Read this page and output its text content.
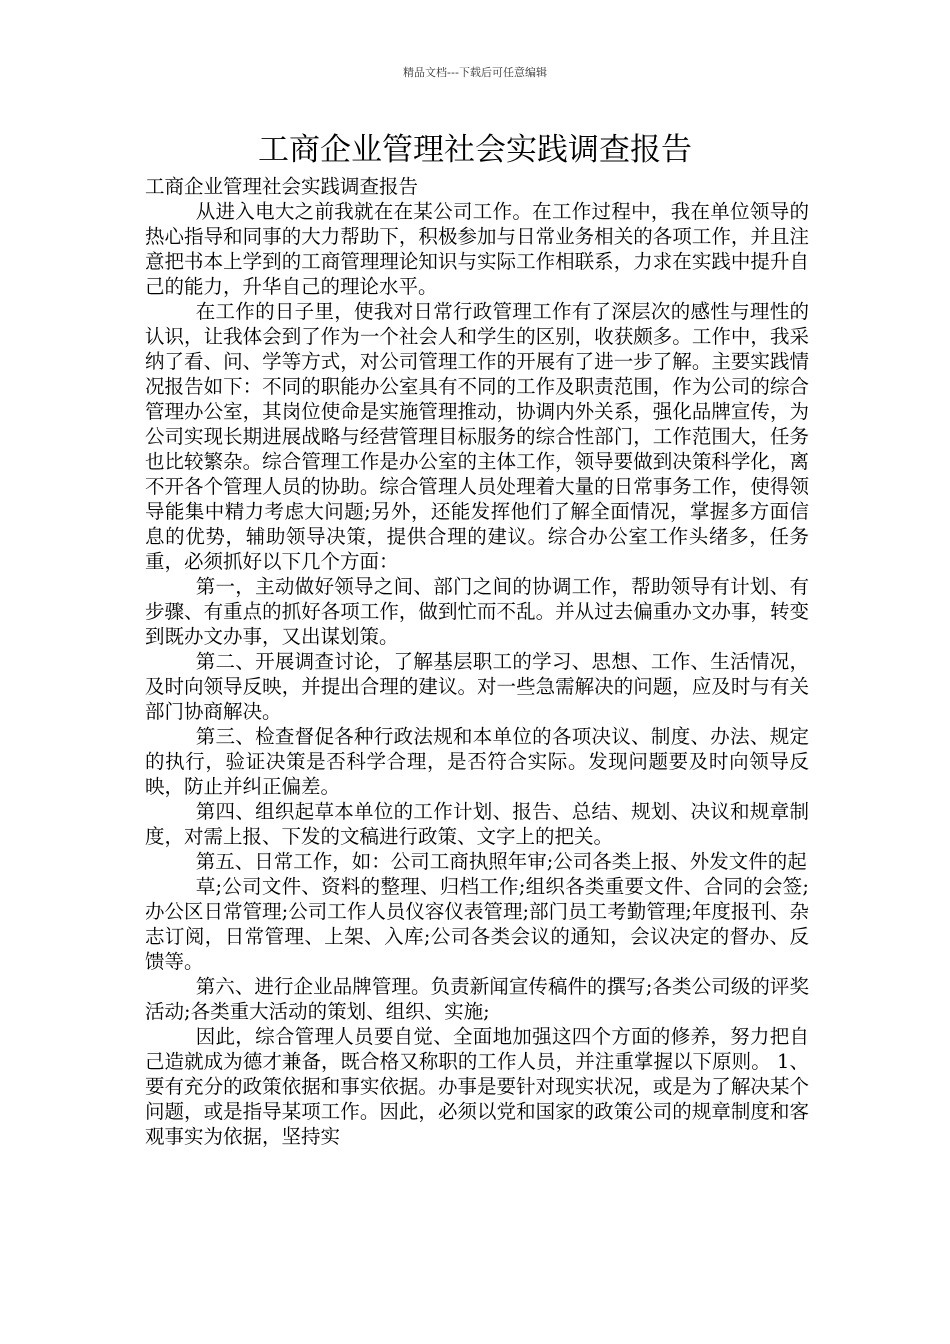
精品文档---下载后可任意编辑
工商企业管理社会实践调查报告

工商企业管理社会实践调查报告

从进入电大之前我就在在某公司工作。在工作过程中，我在单位领导的热心指导和同事的大力帮助下，积极参加与日常业务相关的各项工作，并且注意把书本上学到的工商管理理论知识与实际工作相联系，力求在实践中提升自己的能力，升华自己的理论水平。

在工作的日子里，使我对日常行政管理工作有了深层次的感性与理性的认识，让我体会到了作为一个社会人和学生的区别，收获颇多。工作中，我采纳了看、问、学等方式，对公司管理工作的开展有了进一步了解。主要实践情况报告如下：不同的职能办公室具有不同的工作及职责范围，作为公司的综合管理办公室，其岗位使命是实施管理推动，协调内外关系，强化品牌宣传，为公司实现长期进展战略与经营管理目标服务的综合性部门，工作范围大，任务也比较繁杂。综合管理工作是办公室的主体工作，领导要做到决策科学化，离不开各个管理人员的协助。综合管理人员处理着大量的日常事务工作，使得领导能集中精力考虑大问题;另外，还能发挥他们了解全面情况，掌握多方面信息的优势，辅助领导决策，提供合理的建议。综合办公室工作头绪多，任务重，必须抓好以下几个方面：

第一，主动做好领导之间、部门之间的协调工作，帮助领导有计划、有步骤、有重点的抓好各项工作，做到忙而不乱。并从过去偏重办文办事，转变到既办文办事，又出谋划策。

第二、开展调查讨论，了解基层职工的学习、思想、工作、生活情况，及时向领导反映，并提出合理的建议。对一些急需解决的问题，应及时与有关部门协商解决。

第三、检查督促各种行政法规和本单位的各项决议、制度、办法、规定的执行，验证决策是否科学合理，是否符合实际。发现问题要及时向领导反映，防止并纠正偏差。

第四、组织起草本单位的工作计划、报告、总结、规划、决议和规章制度，对需上报、下发的文稿进行政策、文字上的把关。

第五、日常工作，如：公司工商执照年审;公司各类上报、外发文件的起

草;公司文件、资料的整理、归档工作;组织各类重要文件、合同的会签;办公区日常管理;公司工作人员仪容仪表管理;部门员工考勤管理;年度报刊、杂志订阅，日常管理、上架、入库;公司各类会议的通知，会议决定的督办、反馈等。

第六、进行企业品牌管理。负责新闻宣传稿件的撰写;各类公司级的评奖活动;各类重大活动的策划、组织、实施;

因此，综合管理人员要自觉、全面地加强这四个方面的修养，努力把自己造就成为德才兼备，既合格又称职的工作人员，并注重掌握以下原则。 1、要有充分的政策依据和事实依据。办事是要针对现实状况，或是为了解决某个问题，或是指导某项工作。因此，必须以党和国家的政策公司的规章制度和客观事实为依据，坚持实
